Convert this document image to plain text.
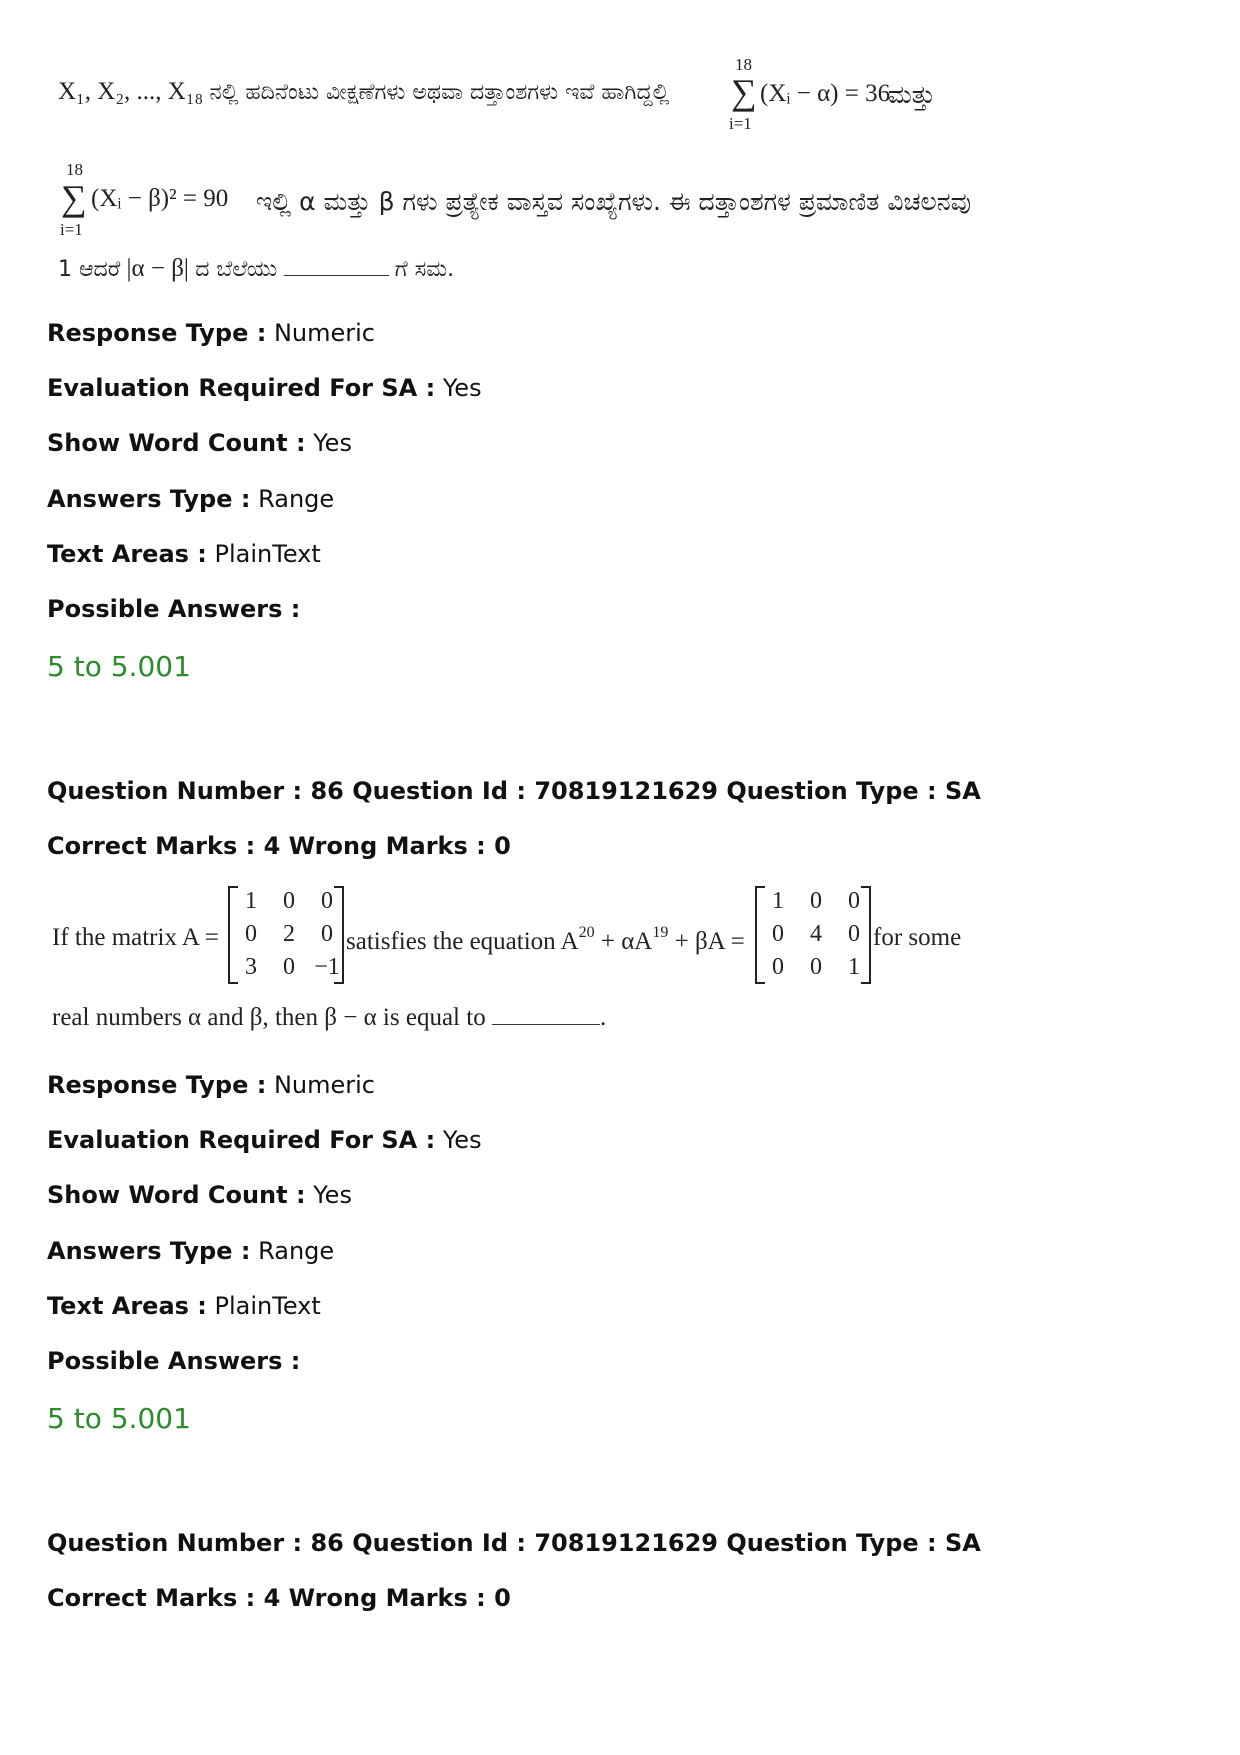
X₁, X₂, ..., X₁₈ ನಲ್ಲಿ ಹದಿನೆಂಟು ವೀಕ್ಷಣೆಗಳು ಅಥವಾ ದತ್ತಾಂಶಗಳು ಇವೆ ಹಾಗಿದ್ದಲ್ಲಿ
18
∑
i=1
(Xᵢ − α) = 36
ಮತ್ತು
18
∑
i=1
(Xᵢ − β)² = 90 ಇಲ್ಲಿ α ಮತ್ತು β ಗಳು ಪ್ರತ್ಯೇಕ ವಾಸ್ತವ ಸಂಖ್ಯೆಗಳು. ಈ ದತ್ತಾಂಶಗಳ ಪ್ರಮಾಣಿತ ವಿಚಲನವು
1 ಆದರೆ |α − β| ದ ಬೆಲೆಯು	ಗೆ ಸಮ.
Response Type : Numeric
Evaluation Required For SA : Yes
Show Word Count : Yes
Answers Type : Range
Text Areas : PlainText
Possible Answers :
5 to 5.001
Question Number : 86 Question Id : 70819121629 Question Type : SA
Correct Marks : 4 Wrong Marks : 0
If the matrix A =
1	0	0
0	2	0
3	0 −1
satisfies the equation $A^{20} + \alpha A^{19} + \beta A$ =
1	0	0
0	4	0
0	0	1
for some
real numbers α and β, then β − α is equal to	.
Response Type : Numeric
Evaluation Required For SA : Yes
Show Word Count : Yes
Answers Type : Range
Text Areas : PlainText
Possible Answers :
5 to 5.001
Question Number : 86 Question Id : 70819121629 Question Type : SA
Correct Marks : 4 Wrong Marks : 0
